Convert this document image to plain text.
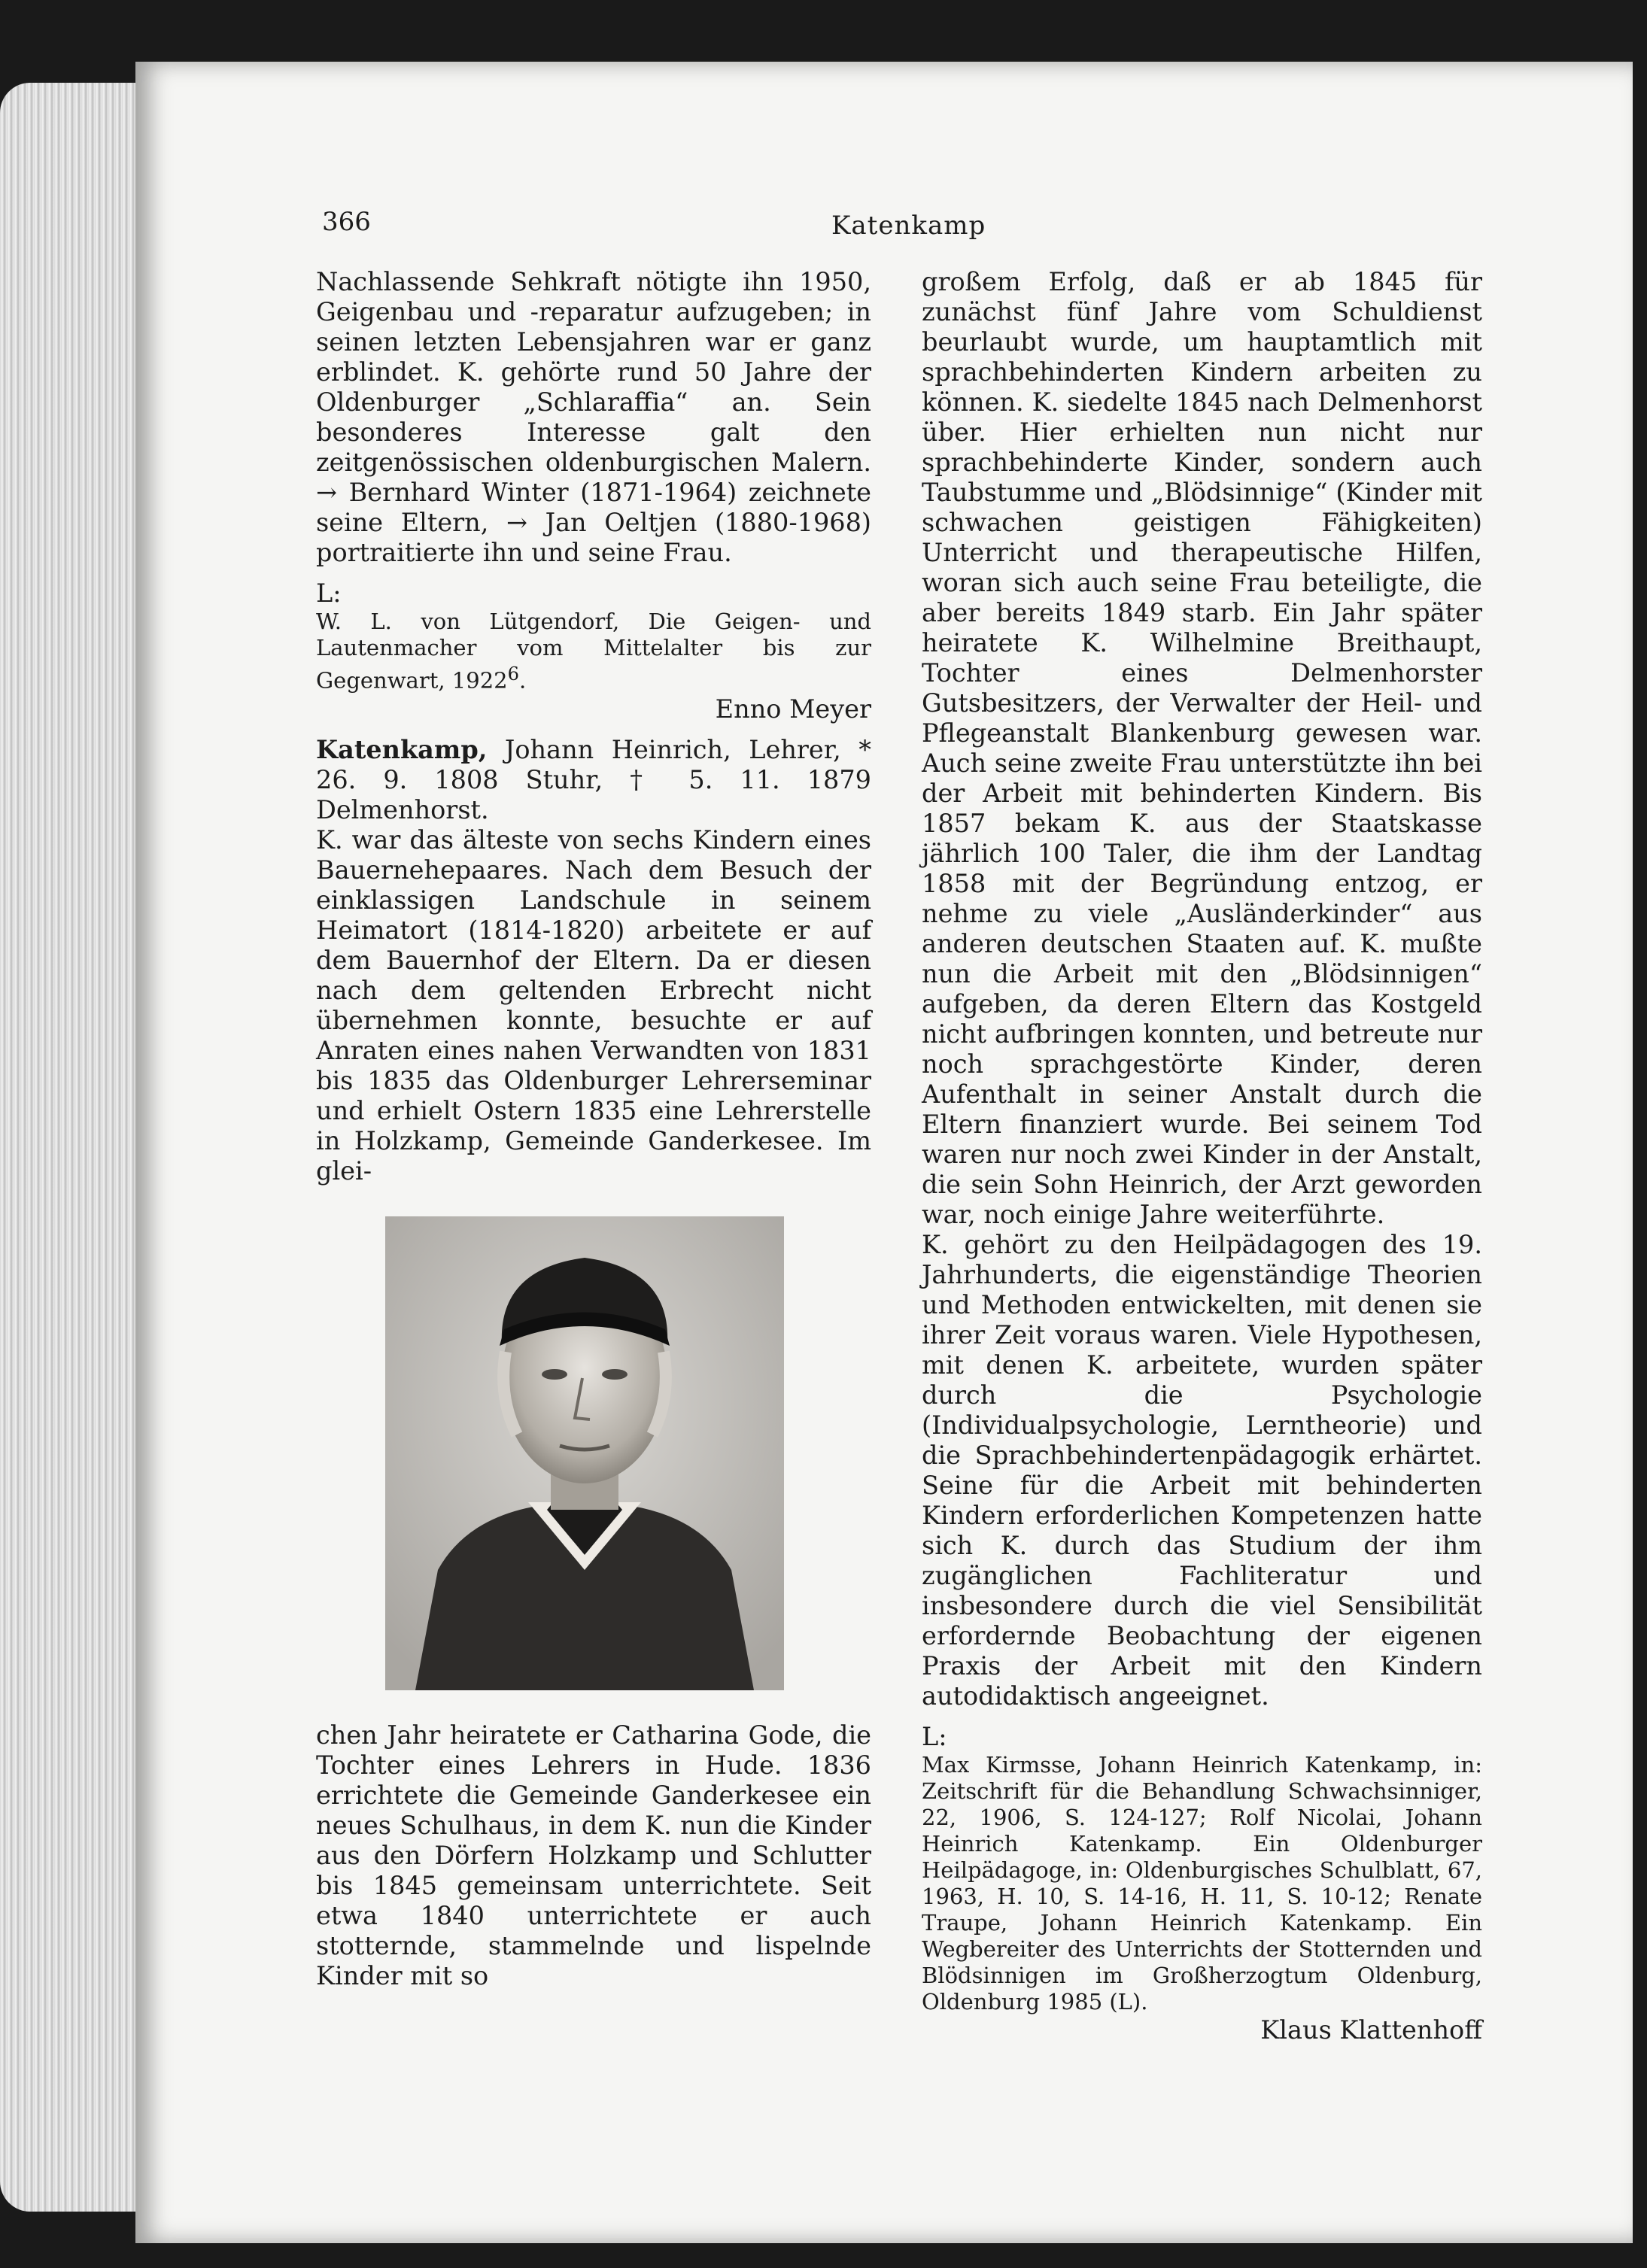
366	Katenkamp

Nachlassende Sehkraft nötigte ihn 1950, Geigenbau und -reparatur aufzugeben; in seinen letzten Lebensjahren war er ganz erblindet. K. gehörte rund 50 Jahre der Oldenburger „Schlaraffia“ an. Sein besonderes Interesse galt den zeitgenössischen oldenburgischen Malern. → Bernhard Winter (1871-1964) zeichnete seine Eltern, → Jan Oeltjen (1880-1968) portraitierte ihn und seine Frau.

L:

W. L. von Lütgendorf, Die Geigen- und Lautenmacher vom Mittelalter bis zur Gegenwart, 1922$^6$.

Enno Meyer

Katenkamp, Johann Heinrich, Lehrer, * 26. 9. 1808 Stuhr, † 5. 11. 1879 Delmenhorst.

K. war das älteste von sechs Kindern eines Bauernehepaares. Nach dem Besuch der einklassigen Landschule in seinem Heimatort (1814-1820) arbeitete er auf dem Bauernhof der Eltern. Da er diesen nach dem geltenden Erbrecht nicht übernehmen konnte, besuchte er auf Anraten eines nahen Verwandten von 1831 bis 1835 das Oldenburger Lehrerseminar und erhielt Ostern 1835 eine Lehrerstelle in Holzkamp, Gemeinde Ganderkesee. Im glei-

chen Jahr heiratete er Catharina Gode, die Tochter eines Lehrers in Hude. 1836 errichtete die Gemeinde Ganderkesee ein neues Schulhaus, in dem K. nun die Kinder aus den Dörfern Holzkamp und Schlutter bis 1845 gemeinsam unterrichtete. Seit etwa 1840 unterrichtete er auch stotternde, stammelnde und lispelnde Kinder mit so

großem Erfolg, daß er ab 1845 für zunächst fünf Jahre vom Schuldienst beurlaubt wurde, um hauptamtlich mit sprachbehinderten Kindern arbeiten zu können. K. siedelte 1845 nach Delmenhorst über. Hier erhielten nun nicht nur sprachbehinderte Kinder, sondern auch Taubstumme und „Blödsinnige“ (Kinder mit schwachen geistigen Fähigkeiten) Unterricht und therapeutische Hilfen, woran sich auch seine Frau beteiligte, die aber bereits 1849 starb. Ein Jahr später heiratete K. Wilhelmine Breithaupt, Tochter eines Delmenhorster Gutsbesitzers, der Verwalter der Heil- und Pflegeanstalt Blankenburg gewesen war. Auch seine zweite Frau unterstützte ihn bei der Arbeit mit behinderten Kindern. Bis 1857 bekam K. aus der Staatskasse jährlich 100 Taler, die ihm der Landtag 1858 mit der Begründung entzog, er nehme zu viele „Ausländerkinder“ aus anderen deutschen Staaten auf. K. mußte nun die Arbeit mit den „Blödsinnigen“ aufgeben, da deren Eltern das Kostgeld nicht aufbringen konnten, und betreute nur noch sprachgestörte Kinder, deren Aufenthalt in seiner Anstalt durch die Eltern finanziert wurde. Bei seinem Tod waren nur noch zwei Kinder in der Anstalt, die sein Sohn Heinrich, der Arzt geworden war, noch einige Jahre weiterführte.

K. gehört zu den Heilpädagogen des 19. Jahrhunderts, die eigenständige Theorien und Methoden entwickelten, mit denen sie ihrer Zeit voraus waren. Viele Hypothesen, mit denen K. arbeitete, wurden später durch die Psychologie (Individualpsychologie, Lerntheorie) und die Sprachbehindertenpädagogik erhärtet. Seine für die Arbeit mit behinderten Kindern erforderlichen Kompetenzen hatte sich K. durch das Studium der ihm zugänglichen Fachliteratur und insbesondere durch die viel Sensibilität erfordernde Beobachtung der eigenen Praxis der Arbeit mit den Kindern autodidaktisch angeeignet.

L:

Max Kirmsse, Johann Heinrich Katenkamp, in: Zeitschrift für die Behandlung Schwachsinniger, 22, 1906, S. 124-127; Rolf Nicolai, Johann Heinrich Katenkamp. Ein Oldenburger Heilpädagoge, in: Oldenburgisches Schulblatt, 67, 1963, H. 10, S. 14-16, H. 11, S. 10-12; Renate Traupe, Johann Heinrich Katenkamp. Ein Wegbereiter des Unterrichts der Stotternden und Blödsinnigen im Großherzogtum Oldenburg, Oldenburg 1985 (L).

Klaus Klattenhoff
